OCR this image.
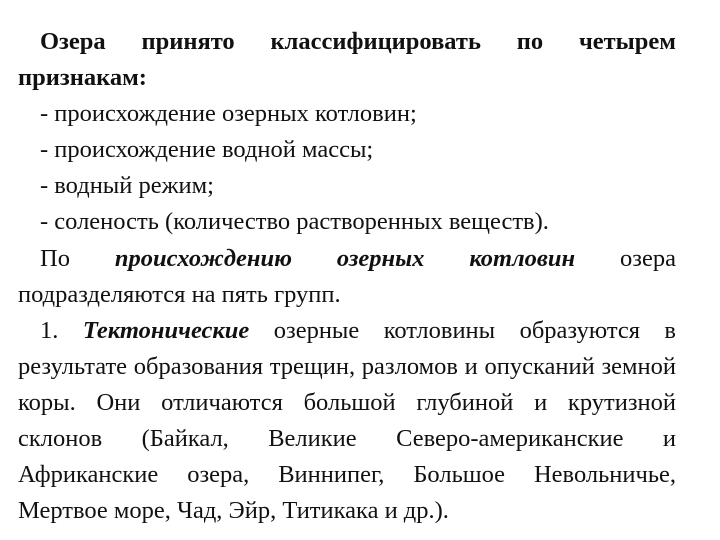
Озера принято классифицировать по четырем признакам:

- происхождение озерных котловин;

- происхождение водной массы;

- водный режим;

- соленость (количество растворенных веществ).

По происхождению озерных котловин озера подразделяются на пять групп.

1. Тектонические озерные котловины образуются в результате образования трещин, разломов и опусканий земной коры. Они отличаются большой глубиной и крутизной склонов (Байкал, Великие Северо-американские и Африканские озера, Виннипег, Большое Невольничье, Мертвое море, Чад, Эйр, Титикака и др.).
